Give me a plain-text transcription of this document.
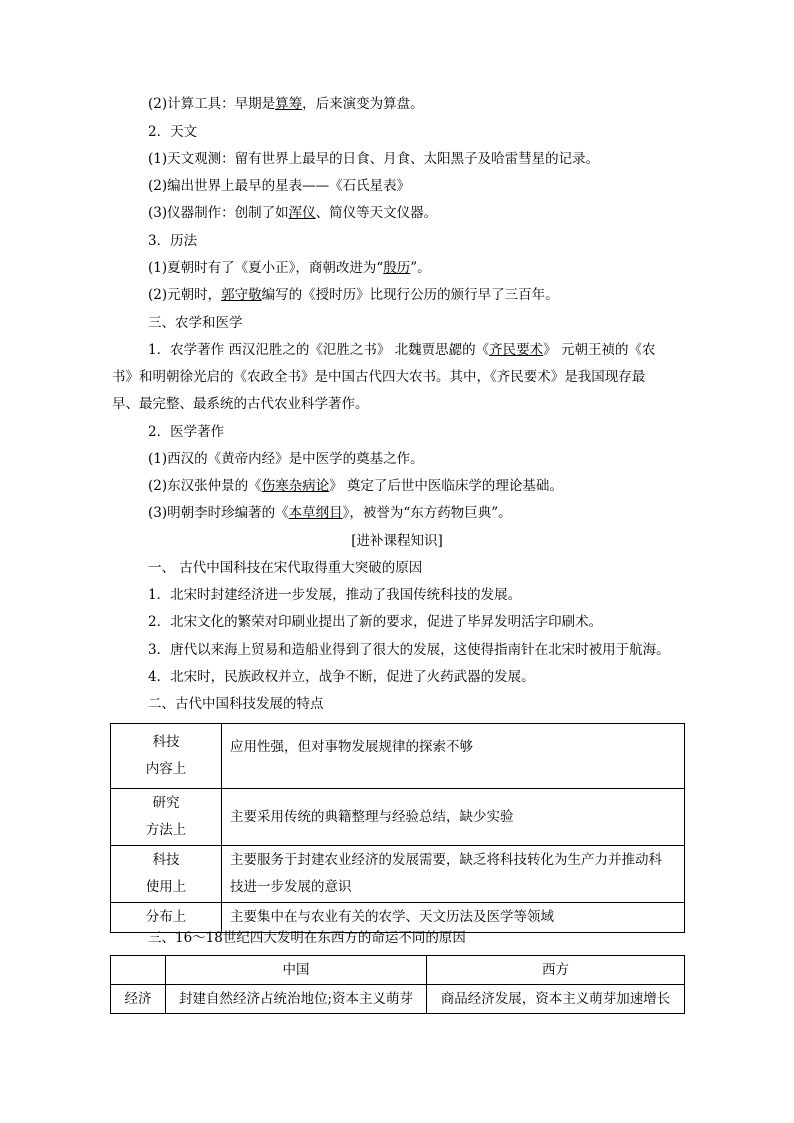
(2)计算工具：早期是算筹，后来演变为算盘。
2．天文
(1)天文观测：留有世界上最早的日食、月食、太阳黑子及哈雷彗星的记录。
(2)编出世界上最早的星表——《石氏星表》
(3)仪器制作：创制了如浑仪、简仪等天文仪器。
3．历法
(1)夏朝时有了《夏小正》，商朝改进为“殷历”。
(2)元朝时，郭守敬编写的《授时历》比现行公历的颁行早了三百年。
三、农学和医学
1．农学著作 西汉氾胜之的《氾胜之书》 北魏贾思勰的《齐民要术》 元朝王祯的《农
书》和明朝徐光启的《农政全书》是中国古代四大农书。其中，《齐民要术》是我国现存最
早、最完整、最系统的古代农业科学著作。
2．医学著作
(1)西汉的《黄帝内经》是中医学的奠基之作。
(2)东汉张仲景的《伤寒杂病论》 奠定了后世中医临床学的理论基础。
(3)明朝李时珍编著的《本草纲目》，被誉为“东方药物巨典”。
[进补课程知识]
一、 古代中国科技在宋代取得重大突破的原因
1．北宋时封建经济进一步发展，推动了我国传统科技的发展。
2．北宋文化的繁荣对印刷业提出了新的要求，促进了毕昇发明活字印刷术。
3．唐代以来海上贸易和造船业得到了很大的发展，这使得指南针在北宋时被用于航海。
4．北宋时，民族政权并立，战争不断，促进了火药武器的发展。
二、古代中国科技发展的特点
科技
内容上	应用性强，但对事物发展规律的探索不够
研究
方法上	主要采用传统的典籍整理与经验总结，缺少实验
科技
使用上	主要服务于封建农业经济的发展需要，缺乏将科技转化为生产力并推动科
技进一步发展的意识
分布上	主要集中在与农业有关的农学、天文历法及医学等领域
三、16～18世纪四大发明在东西方的命运不同的原因
	中国	西方
经济	封建自然经济占统治地位;资本主义萌芽	商品经济发展，资本主义萌芽加速增长
